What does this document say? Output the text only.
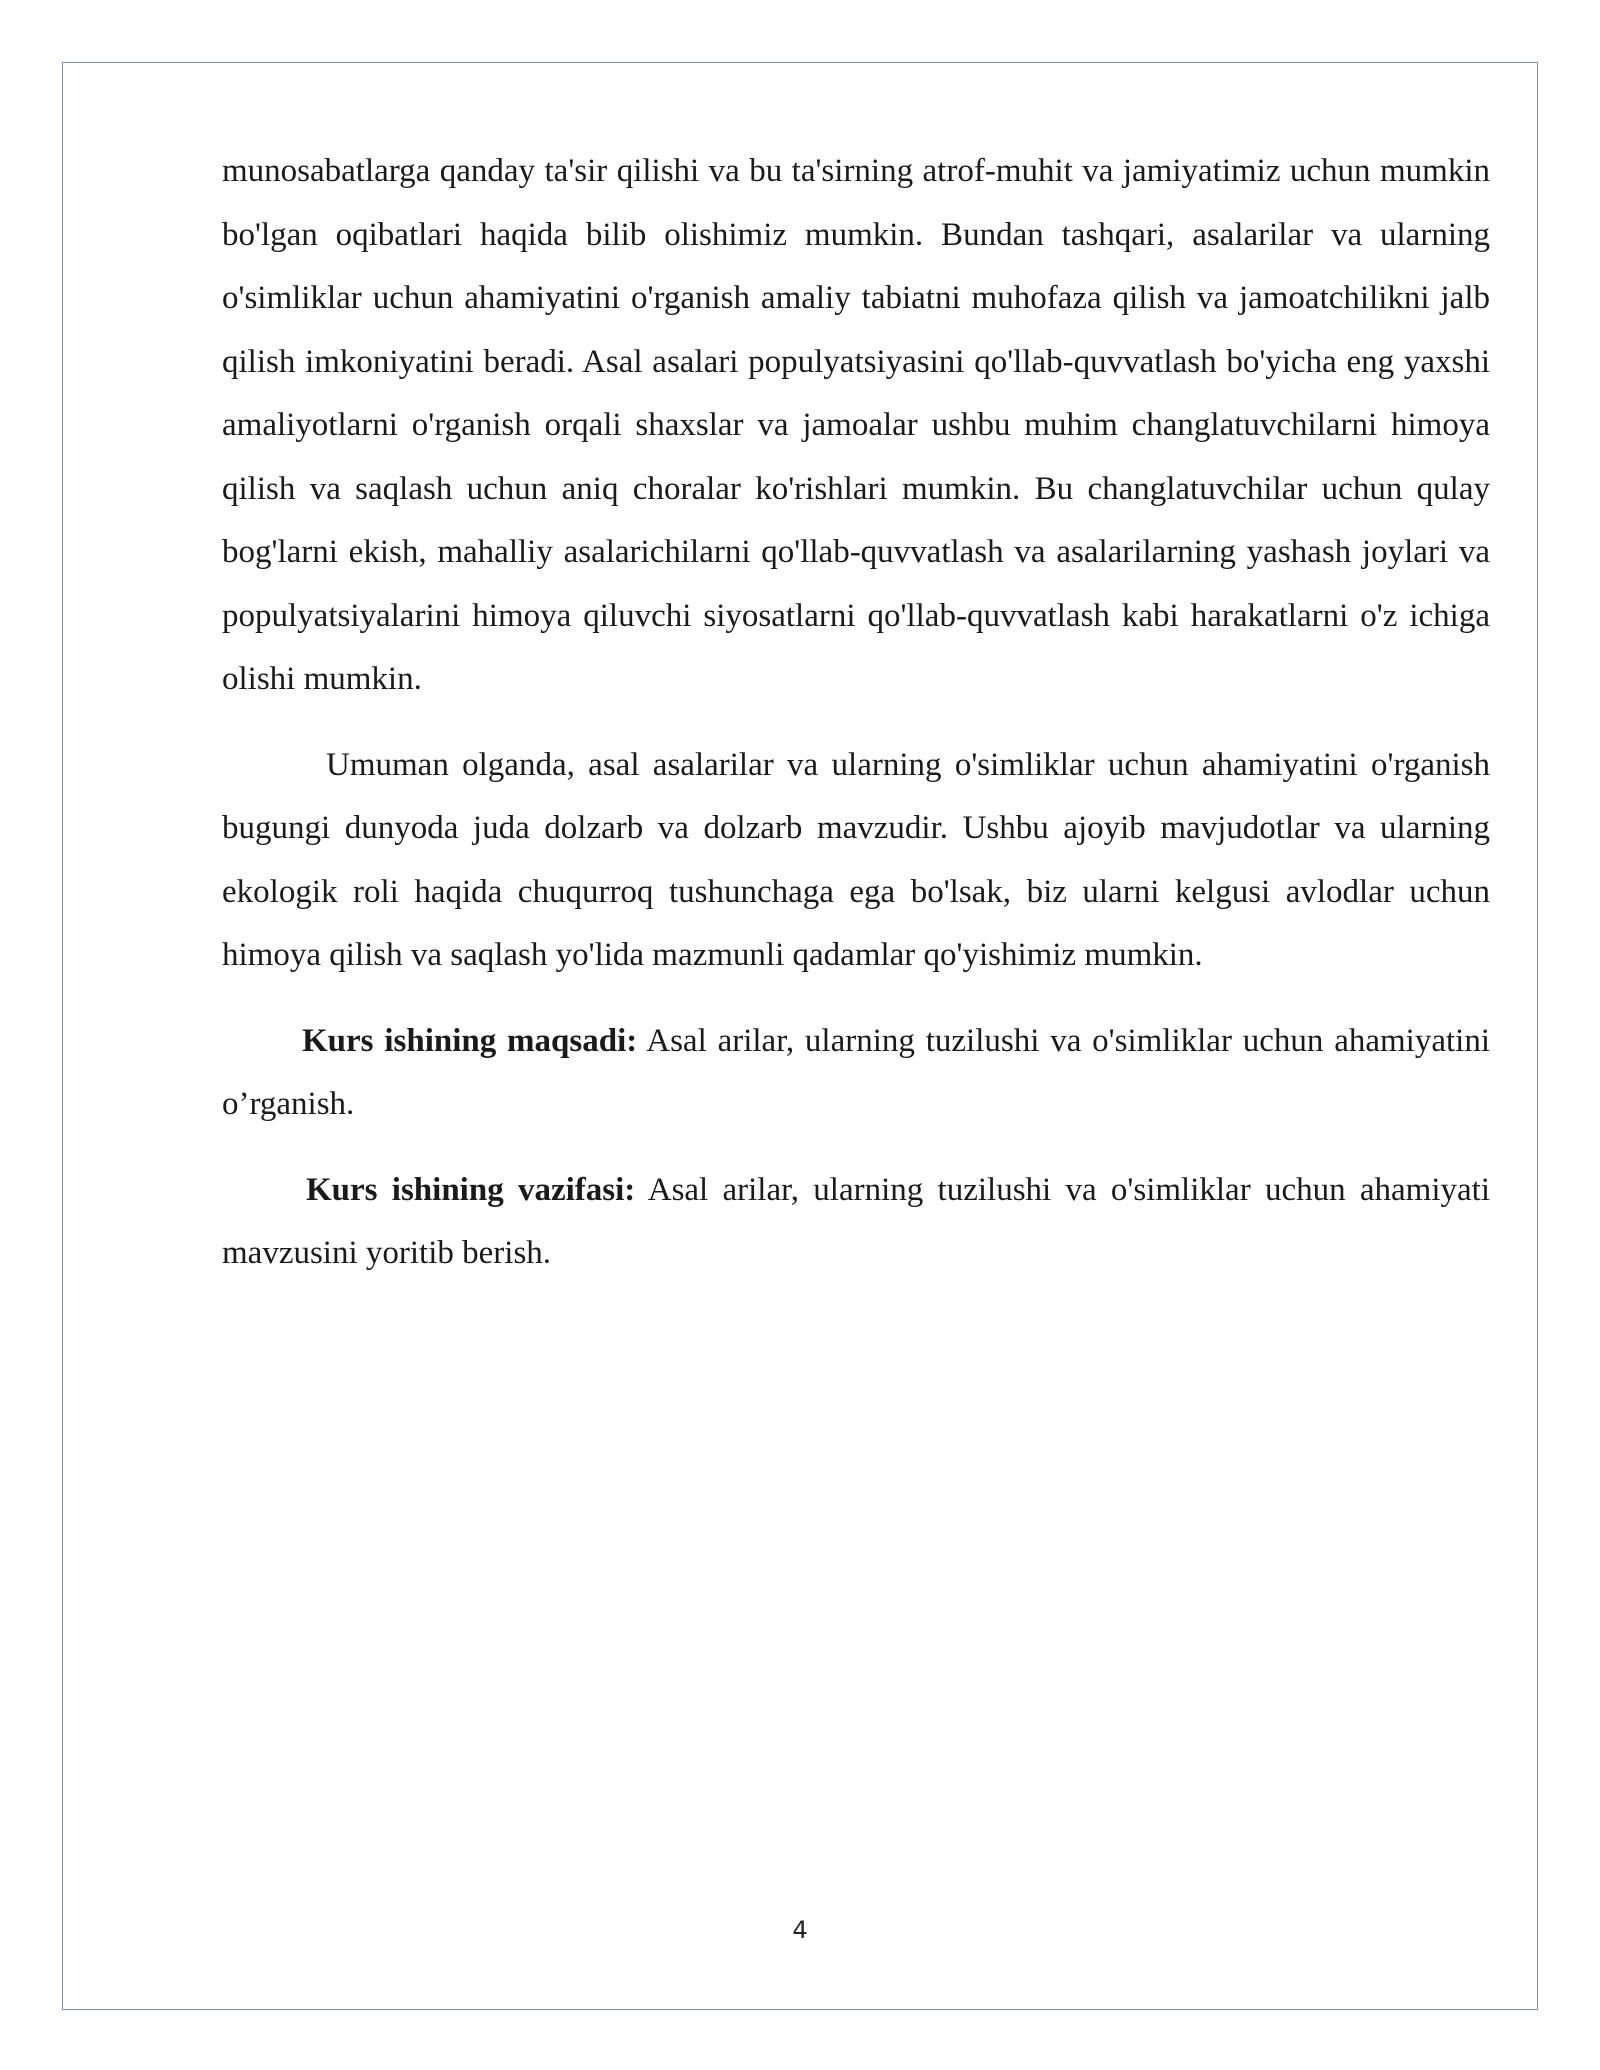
munosabatlarga qanday ta'sir qilishi va bu ta'sirning atrof-muhit va jamiyatimiz uchun mumkin bo'lgan oqibatlari haqida bilib olishimiz mumkin. Bundan tashqari, asalarilar va ularning o'simliklar uchun ahamiyatini o'rganish amaliy tabiatni muhofaza qilish va jamoatchilikni jalb qilish imkoniyatini beradi. Asal asalari populyatsiyasini qo'llab-quvvatlash bo'yicha eng yaxshi amaliyotlarni o'rganish orqali shaxslar va jamoalar ushbu muhim changlatuvchilarni himoya qilish va saqlash uchun aniq choralar ko'rishlari mumkin. Bu changlatuvchilar uchun qulay bog'larni ekish, mahalliy asalarichilarni qo'llab-quvvatlash va asalarilarning yashash joylari va populyatsiyalarini himoya qiluvchi siyosatlarni qo'llab-quvvatlash kabi harakatlarni o'z ichiga olishi mumkin.

Umuman olganda, asal asalarilar va ularning o'simliklar uchun ahamiyatini o'rganish bugungi dunyoda juda dolzarb va dolzarb mavzudir. Ushbu ajoyib mavjudotlar va ularning ekologik roli haqida chuqurroq tushunchaga ega bo'lsak, biz ularni kelgusi avlodlar uchun himoya qilish va saqlash yo'lida mazmunli qadamlar qo'yishimiz mumkin.

Kurs ishining maqsadi: Asal arilar, ularning tuzilushi va o'simliklar uchun ahamiyatini o’rganish.

Kurs ishining vazifasi: Asal arilar, ularning tuzilushi va o'simliklar uchun ahamiyati mavzusini yoritib berish.

4
